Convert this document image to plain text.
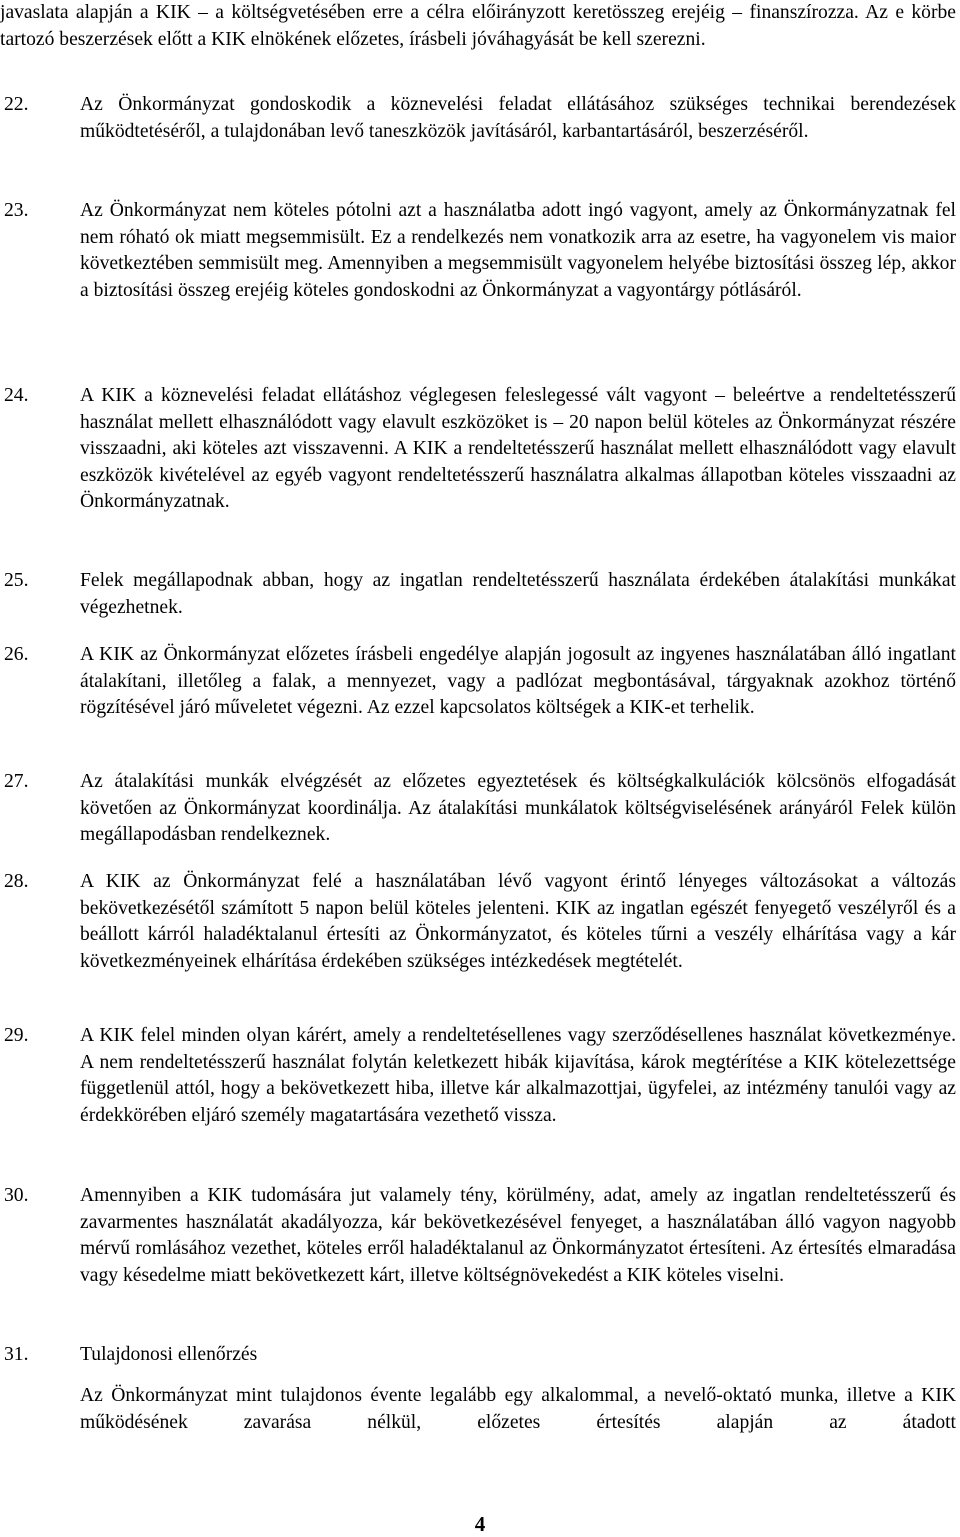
javaslata alapján a KIK – a költségvetésében erre a célra előirányzott keretösszeg erejéig – finanszírozza. Az e körbe tartozó beszerzések előtt a KIK elnökének előzetes, írásbeli jóváhagyását be kell szerezni.
22.	Az Önkormányzat gondoskodik a köznevelési feladat ellátásához szükséges technikai berendezések működtetéséről, a tulajdonában levő taneszközök javításáról, karbantartásáról, beszerzéséről.
23.	Az Önkormányzat nem köteles pótolni azt a használatba adott ingó vagyont, amely az Önkormányzatnak fel nem róható ok miatt megsemmisült. Ez a rendelkezés nem vonatkozik arra az esetre, ha vagyonelem vis maior következtében semmisült meg. Amennyiben a megsemmisült vagyonelem helyébe biztosítási összeg lép, akkor a biztosítási összeg erejéig köteles gondoskodni az Önkormányzat a vagyontárgy pótlásáról.
24.	A KIK a köznevelési feladat ellátáshoz véglegesen feleslegessé vált vagyont – beleértve a rendeltetésszerű használat mellett elhasználódott vagy elavult eszközöket is – 20 napon belül köteles az Önkormányzat részére visszaadni, aki köteles azt visszavenni. A KIK a rendeltetésszerű használat mellett elhasználódott vagy elavult eszközök kivételével az egyéb vagyont rendeltetésszerű használatra alkalmas állapotban köteles visszaadni az Önkormányzatnak.
25.	Felek megállapodnak abban, hogy az ingatlan rendeltetésszerű használata érdekében átalakítási munkákat végezhetnek.
26.	A KIK az Önkormányzat előzetes írásbeli engedélye alapján jogosult az ingyenes használatában álló ingatlant átalakítani, illetőleg a falak, a mennyezet, vagy a padlózat megbontásával, tárgyaknak azokhoz történő rögzítésével járó műveletet végezni. Az ezzel kapcsolatos költségek a KIK-et terhelik.
27.	Az átalakítási munkák elvégzését az előzetes egyeztetések és költségkalkulációk kölcsönös elfogadását követően az Önkormányzat koordinálja. Az átalakítási munkálatok költségviselésének arányáról Felek külön megállapodásban rendelkeznek.
28.	A KIK az Önkormányzat felé a használatában lévő vagyont érintő lényeges változásokat a változás bekövetkezésétől számított 5 napon belül köteles jelenteni. KIK az ingatlan egészét fenyegető veszélyről és a beállott kárról haladéktalanul értesíti az Önkormányzatot, és köteles tűrni a veszély elhárítása vagy a kár következményeinek elhárítása érdekében szükséges intézkedések megtételét.
29.	A KIK felel minden olyan kárért, amely a rendeltetésellenes vagy szerződésellenes használat következménye. A nem rendeltetésszerű használat folytán keletkezett hibák kijavítása, károk megtérítése a KIK kötelezettsége függetlenül attól, hogy a bekövetkezett hiba, illetve kár alkalmazottjai, ügyfelei, az intézmény tanulói vagy az érdekkörében eljáró személy magatartására vezethető vissza.
30.	Amennyiben a KIK tudomására jut valamely tény, körülmény, adat, amely az ingatlan rendeltetésszerű és zavarmentes használatát akadályozza, kár bekövetkezésével fenyeget, a használatában álló vagyon nagyobb mérvű romlásához vezethet, köteles erről haladéktalanul az Önkormányzatot értesíteni. Az értesítés elmaradása vagy késedelme miatt bekövetkezett kárt, illetve költségnövekedést a KIK köteles viselni.
31.	Tulajdonosi ellenőrzés
Az Önkormányzat mint tulajdonos évente legalább egy alkalommal, a nevelő-oktató munka, illetve a KIK működésének zavarása nélkül, előzetes értesítés alapján az átadott
4
